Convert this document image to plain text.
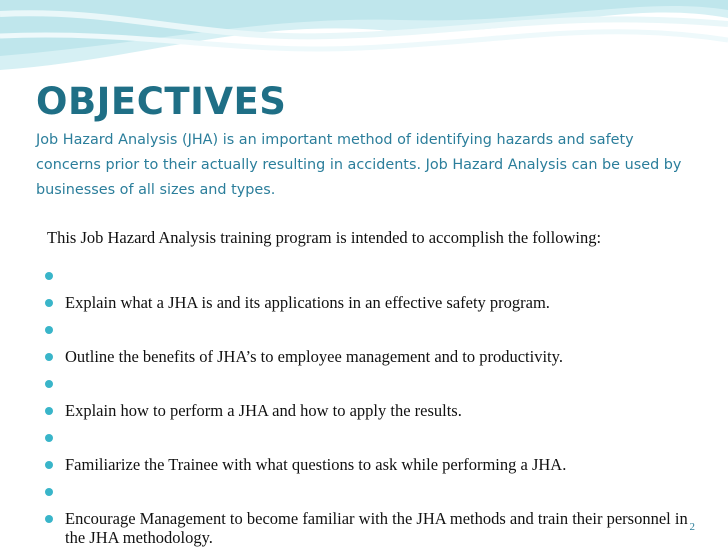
OBJECTIVES

Job Hazard Analysis (JHA) is an important method of identifying hazards and safety concerns prior to their actually resulting in accidents. Job Hazard Analysis can be used by businesses of all sizes and types.

This Job Hazard Analysis training program is intended to accomplish the following:

Explain what a JHA is and its applications in an effective safety program.
Outline the benefits of JHA’s to employee management and to productivity.
Explain how to perform a JHA and how to apply the results.
Familiarize the Trainee with what questions to ask while performing a JHA.
Encourage Management to become familiar with the JHA methods and train their personnel in the JHA methodology.
2
